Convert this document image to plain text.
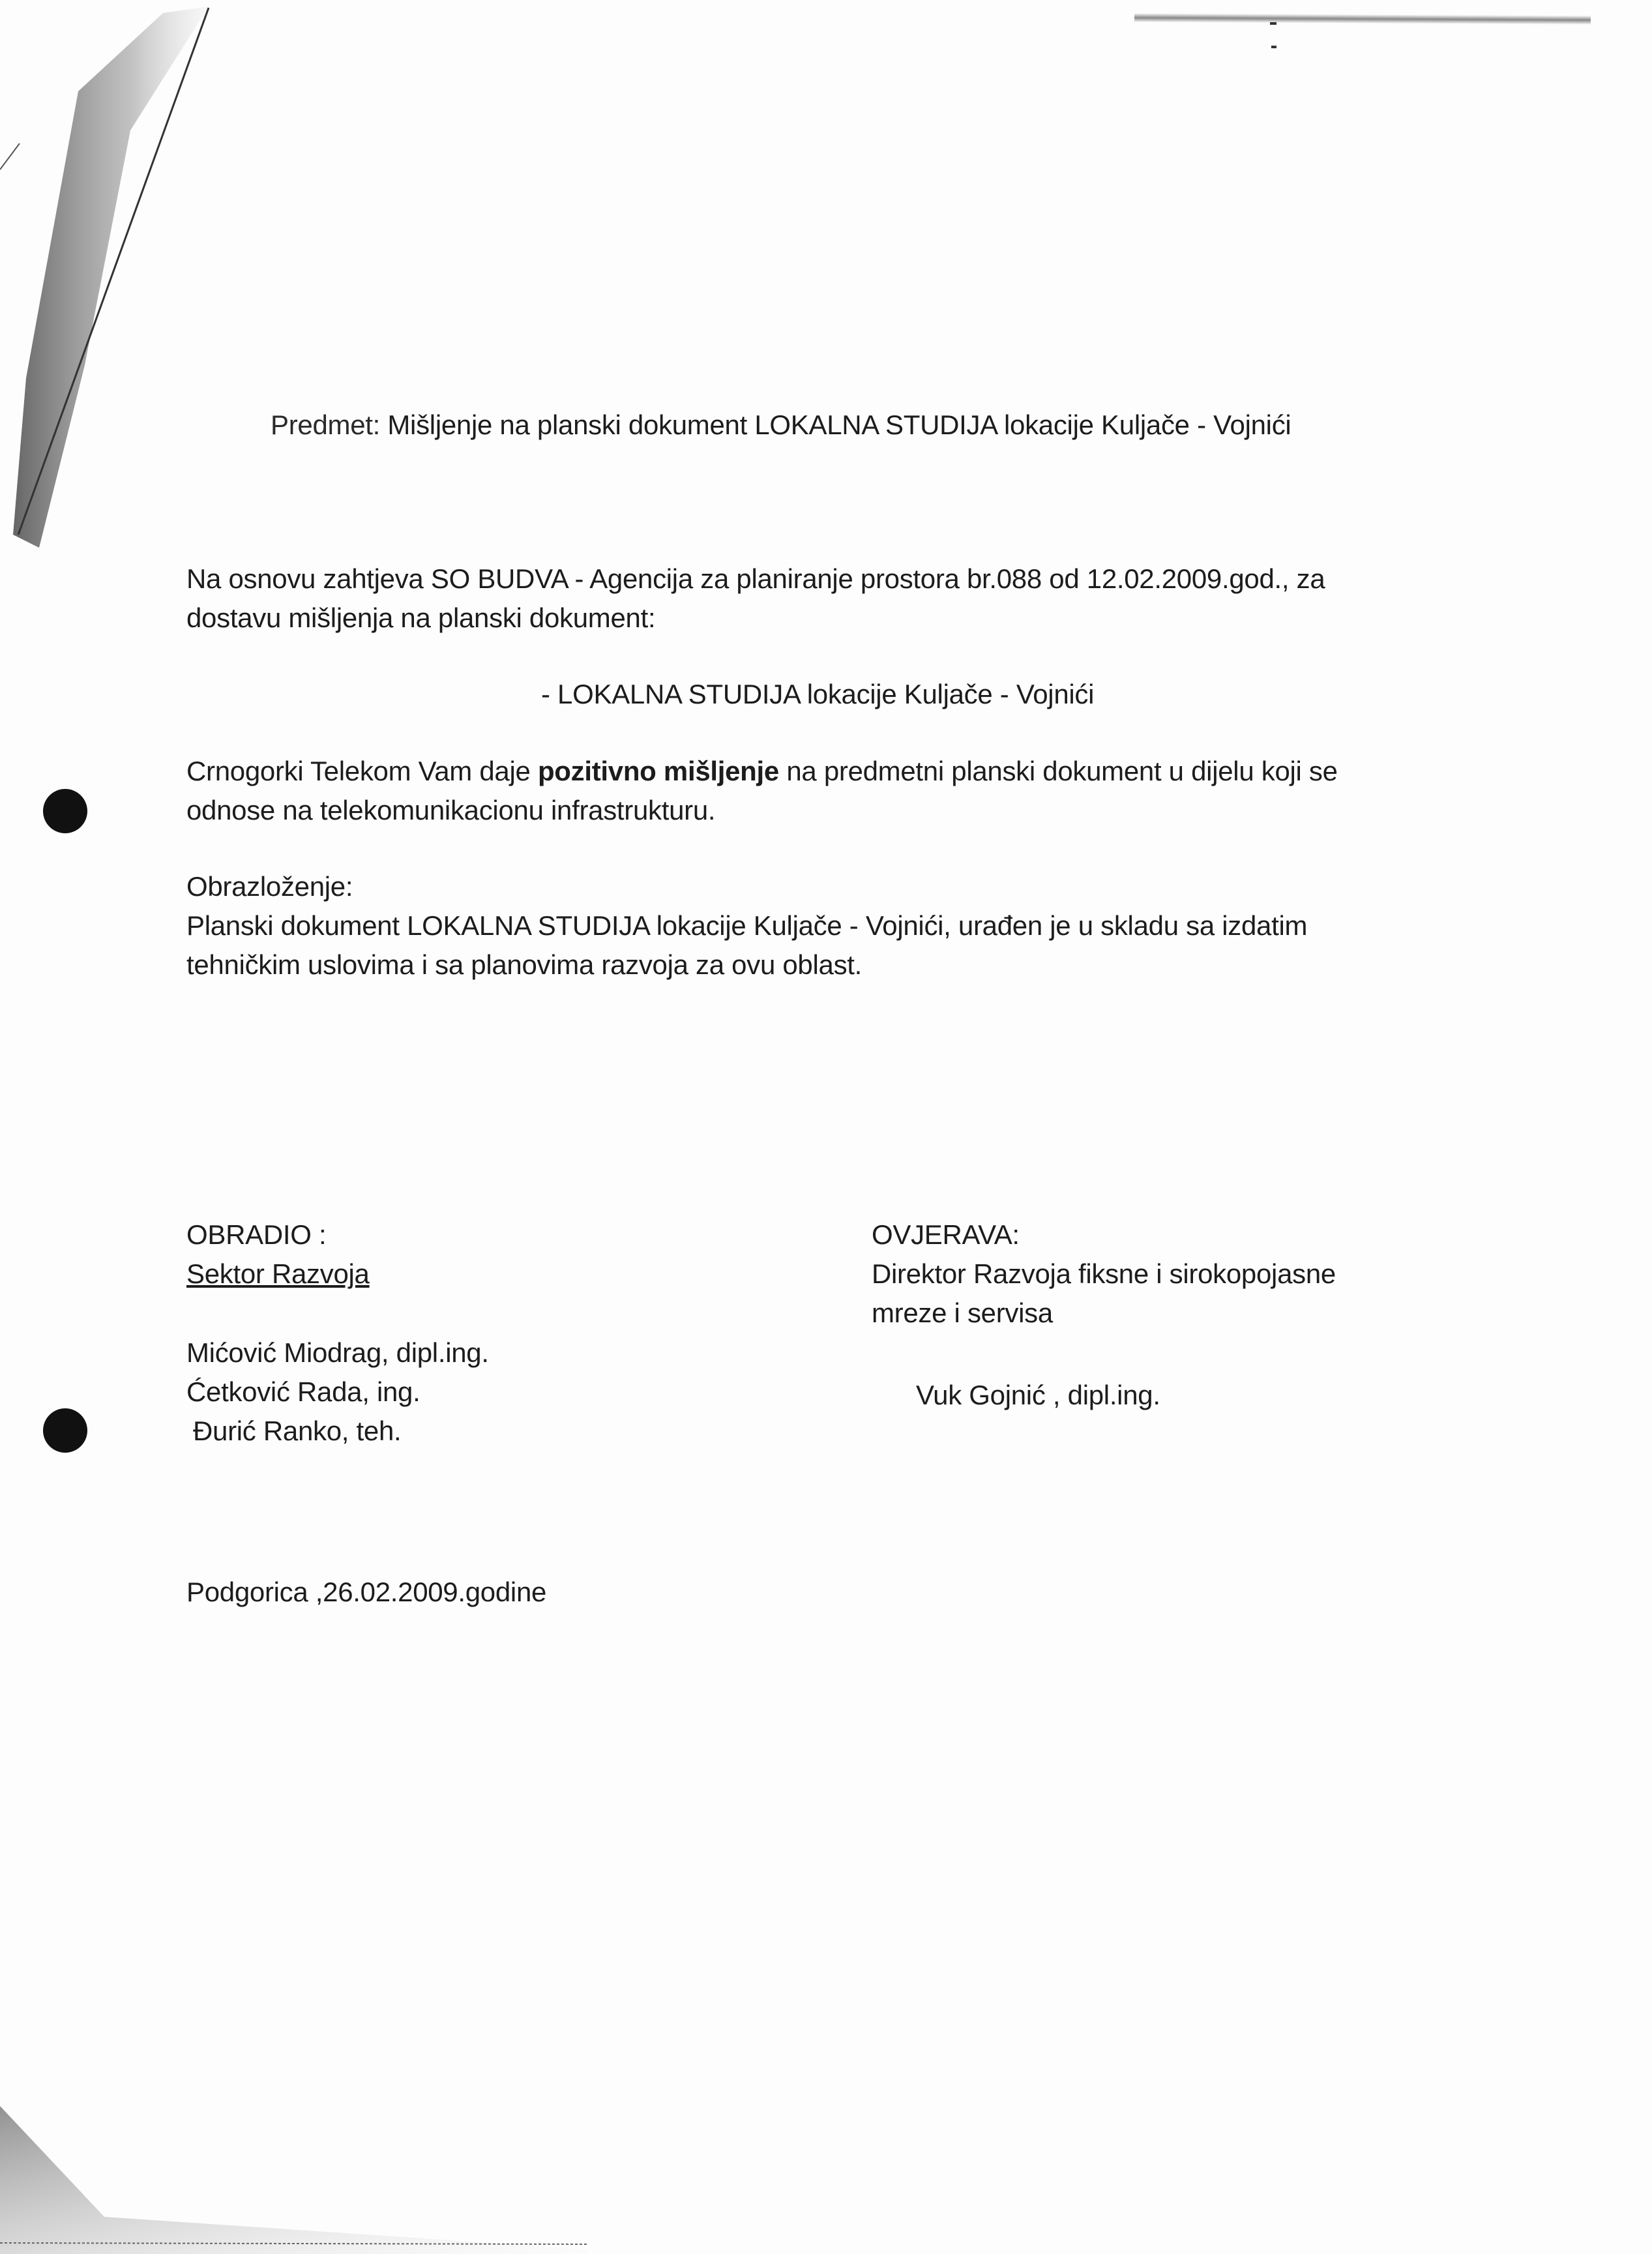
Predmet: Mišljenje na planski dokument LOKALNA STUDIJA lokacije Kuljače - Vojnići
Na osnovu zahtjeva SO BUDVA - Agencija za planiranje prostora br.088 od 12.02.2009.god., za
dostavu mišljenja na planski dokument:
- LOKALNA STUDIJA lokacije Kuljače - Vojnići
Crnogorki Telekom Vam daje pozitivno mišljenje na predmetni planski dokument u dijelu koji se
odnose na telekomunikacionu infrastrukturu.
Obrazloženje:
Planski dokument LOKALNA STUDIJA lokacije Kuljače - Vojnići, urađen je u skladu sa izdatim
tehničkim uslovima i sa planovima razvoja za ovu oblast.
OBRADIO :
Sektor Razvoja
Mićović Miodrag, dipl.ing.
Ćetković Rada, ing.
Đurić Ranko, teh.
OVJERAVA:
Direktor Razvoja fiksne i sirokopojasne
mreze i servisa
Vuk Gojnić , dipl.ing.
Podgorica ,26.02.2009.godine
